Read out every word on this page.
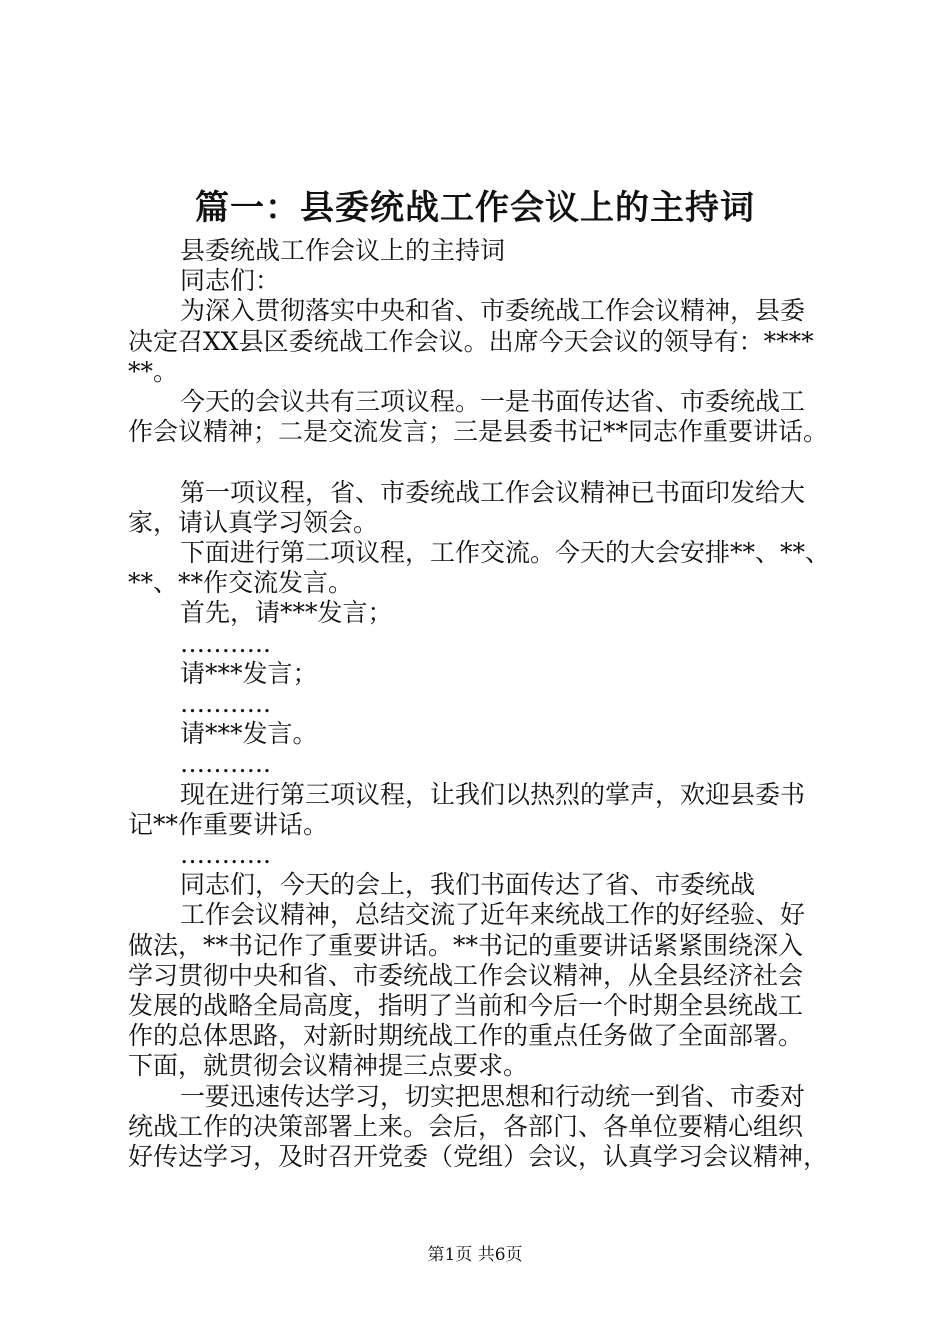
篇一：县委统战工作会议上的主持词

县委统战工作会议上的主持词

同志们：

为深入贯彻落实中央和省、市委统战工作会议精神，县委

决定召XX县区委统战工作会议。出席今天会议的领导有：****

**。

今天的会议共有三项议程。一是书面传达省、市委统战工

作会议精神；二是交流发言；三是县委书记**同志作重要讲话。

第一项议程，省、市委统战工作会议精神已书面印发给大

家，请认真学习领会。

下面进行第二项议程，工作交流。今天的大会安排**、**、

**、**作交流发言。

首先，请***发言；

………..

请***发言；

………..

请***发言。

………..

现在进行第三项议程，让我们以热烈的掌声，欢迎县委书

记**作重要讲话。

………..

同志们，今天的会上，我们书面传达了省、市委统战

工作会议精神，总结交流了近年来统战工作的好经验、好

做法，**书记作了重要讲话。**书记的重要讲话紧紧围绕深入

学习贯彻中央和省、市委统战工作会议精神，从全县经济社会

发展的战略全局高度，指明了当前和今后一个时期全县统战工

作的总体思路，对新时期统战工作的重点任务做了全面部署。

下面，就贯彻会议精神提三点要求。

一要迅速传达学习，切实把思想和行动统一到省、市委对

统战工作的决策部署上来。会后，各部门、各单位要精心组织

好传达学习，及时召开党委（党组）会议，认真学习会议精神，

第1页 共6页
